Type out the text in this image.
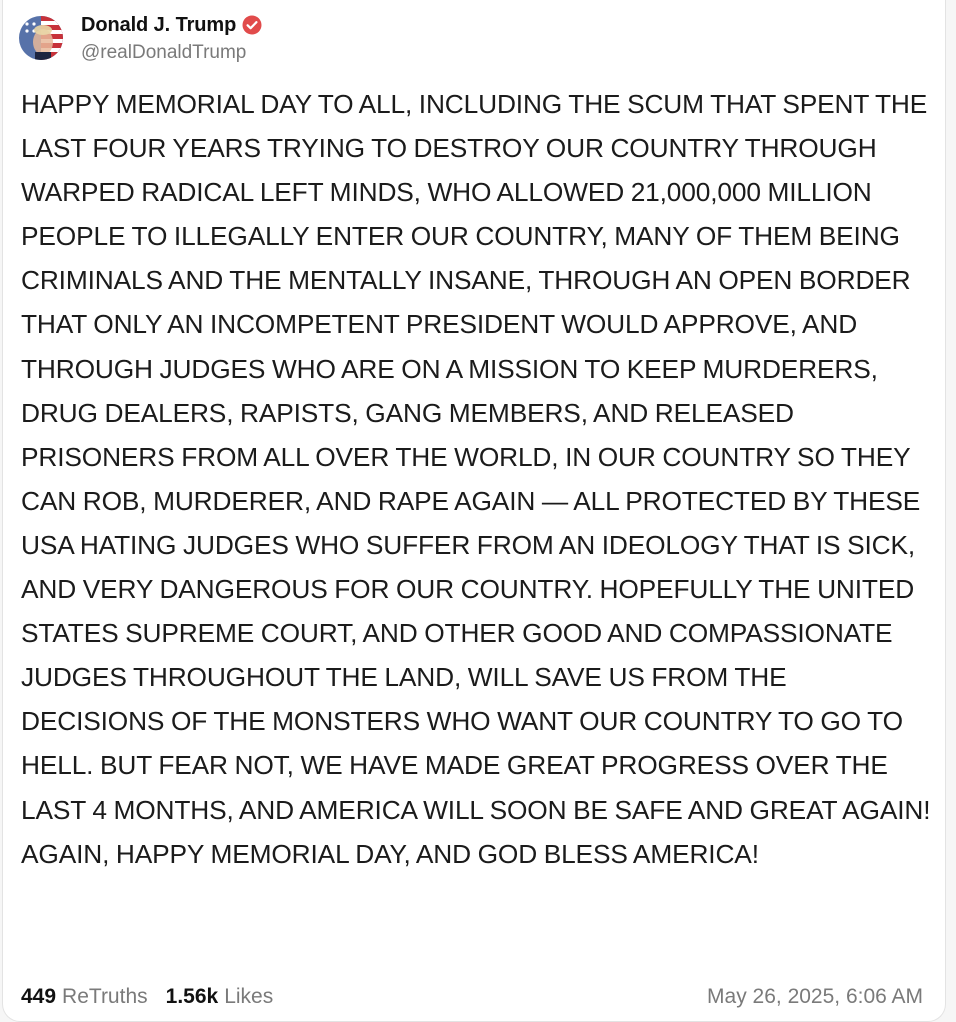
Donald J. Trump
@realDonaldTrump
HAPPY MEMORIAL DAY TO ALL, INCLUDING THE SCUM THAT SPENT THE LAST FOUR YEARS TRYING TO DESTROY OUR COUNTRY THROUGH WARPED RADICAL LEFT MINDS, WHO ALLOWED 21,000,000 MILLION PEOPLE TO ILLEGALLY ENTER OUR COUNTRY, MANY OF THEM BEING CRIMINALS AND THE MENTALLY INSANE, THROUGH AN OPEN BORDER THAT ONLY AN INCOMPETENT PRESIDENT WOULD APPROVE, AND THROUGH JUDGES WHO ARE ON A MISSION TO KEEP MURDERERS, DRUG DEALERS, RAPISTS, GANG MEMBERS, AND RELEASED PRISONERS FROM ALL OVER THE WORLD, IN OUR COUNTRY SO THEY CAN ROB, MURDERER, AND RAPE AGAIN — ALL PROTECTED BY THESE USA HATING JUDGES WHO SUFFER FROM AN IDEOLOGY THAT IS SICK, AND VERY DANGEROUS FOR OUR COUNTRY. HOPEFULLY THE UNITED STATES SUPREME COURT, AND OTHER GOOD AND COMPASSIONATE JUDGES THROUGHOUT THE LAND, WILL SAVE US FROM THE DECISIONS OF THE MONSTERS WHO WANT OUR COUNTRY TO GO TO HELL. BUT FEAR NOT, WE HAVE MADE GREAT PROGRESS OVER THE LAST 4 MONTHS, AND AMERICA WILL SOON BE SAFE AND GREAT AGAIN! AGAIN, HAPPY MEMORIAL DAY, AND GOD BLESS AMERICA!
449 ReTruths 1.56k Likes	May 26, 2025, 6:06 AM
